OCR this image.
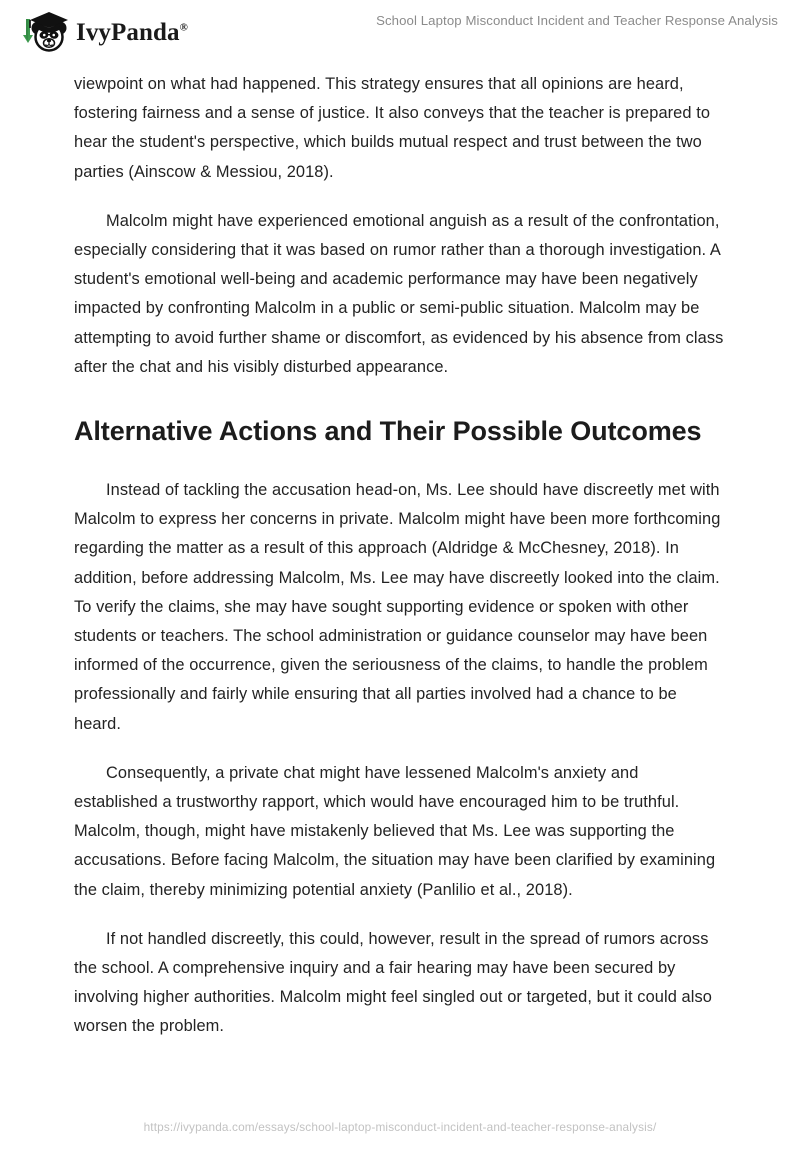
IvyPanda®	School Laptop Misconduct Incident and Teacher Response Analysis

viewpoint on what had happened. This strategy ensures that all opinions are heard, fostering fairness and a sense of justice. It also conveys that the teacher is prepared to hear the student's perspective, which builds mutual respect and trust between the two parties (Ainscow & Messiou, 2018).

Malcolm might have experienced emotional anguish as a result of the confrontation, especially considering that it was based on rumor rather than a thorough investigation. A student's emotional well-being and academic performance may have been negatively impacted by confronting Malcolm in a public or semi-public situation. Malcolm may be attempting to avoid further shame or discomfort, as evidenced by his absence from class after the chat and his visibly disturbed appearance.

Alternative Actions and Their Possible Outcomes

Instead of tackling the accusation head-on, Ms. Lee should have discreetly met with Malcolm to express her concerns in private. Malcolm might have been more forthcoming regarding the matter as a result of this approach (Aldridge & McChesney, 2018). In addition, before addressing Malcolm, Ms. Lee may have discreetly looked into the claim. To verify the claims, she may have sought supporting evidence or spoken with other students or teachers. The school administration or guidance counselor may have been informed of the occurrence, given the seriousness of the claims, to handle the problem professionally and fairly while ensuring that all parties involved had a chance to be heard.

Consequently, a private chat might have lessened Malcolm's anxiety and established a trustworthy rapport, which would have encouraged him to be truthful. Malcolm, though, might have mistakenly believed that Ms. Lee was supporting the accusations. Before facing Malcolm, the situation may have been clarified by examining the claim, thereby minimizing potential anxiety (Panlilio et al., 2018).

If not handled discreetly, this could, however, result in the spread of rumors across the school. A comprehensive inquiry and a fair hearing may have been secured by involving higher authorities. Malcolm might feel singled out or targeted, but it could also worsen the problem.

https://ivypanda.com/essays/school-laptop-misconduct-incident-and-teacher-response-analysis/
